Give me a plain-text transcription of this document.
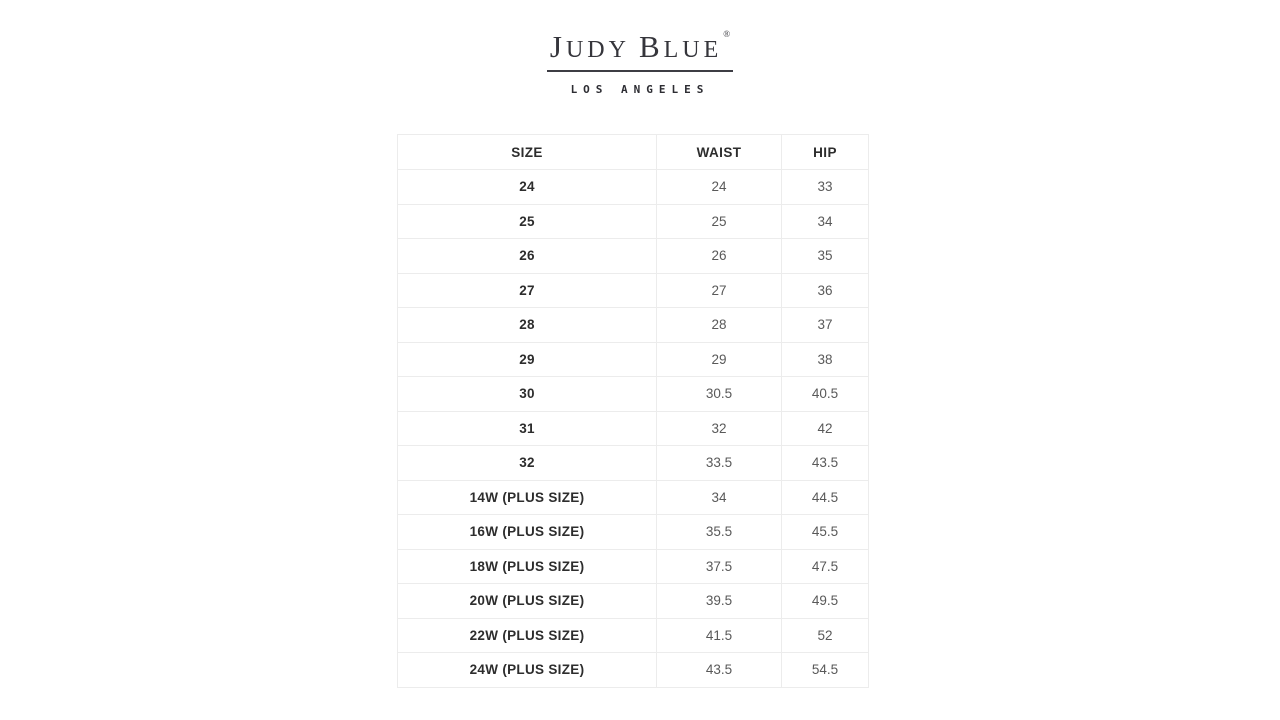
JUDY BLUE®
LOS ANGELES
SIZE	WAIST	HIP
24	24	33
25	25	34
26	26	35
27	27	36
28	28	37
29	29	38
30	30.5	40.5
31	32	42
32	33.5	43.5
14W (PLUS SIZE)	34	44.5
16W (PLUS SIZE)	35.5	45.5
18W (PLUS SIZE)	37.5	47.5
20W (PLUS SIZE)	39.5	49.5
22W (PLUS SIZE)	41.5	52
24W (PLUS SIZE)	43.5	54.5
